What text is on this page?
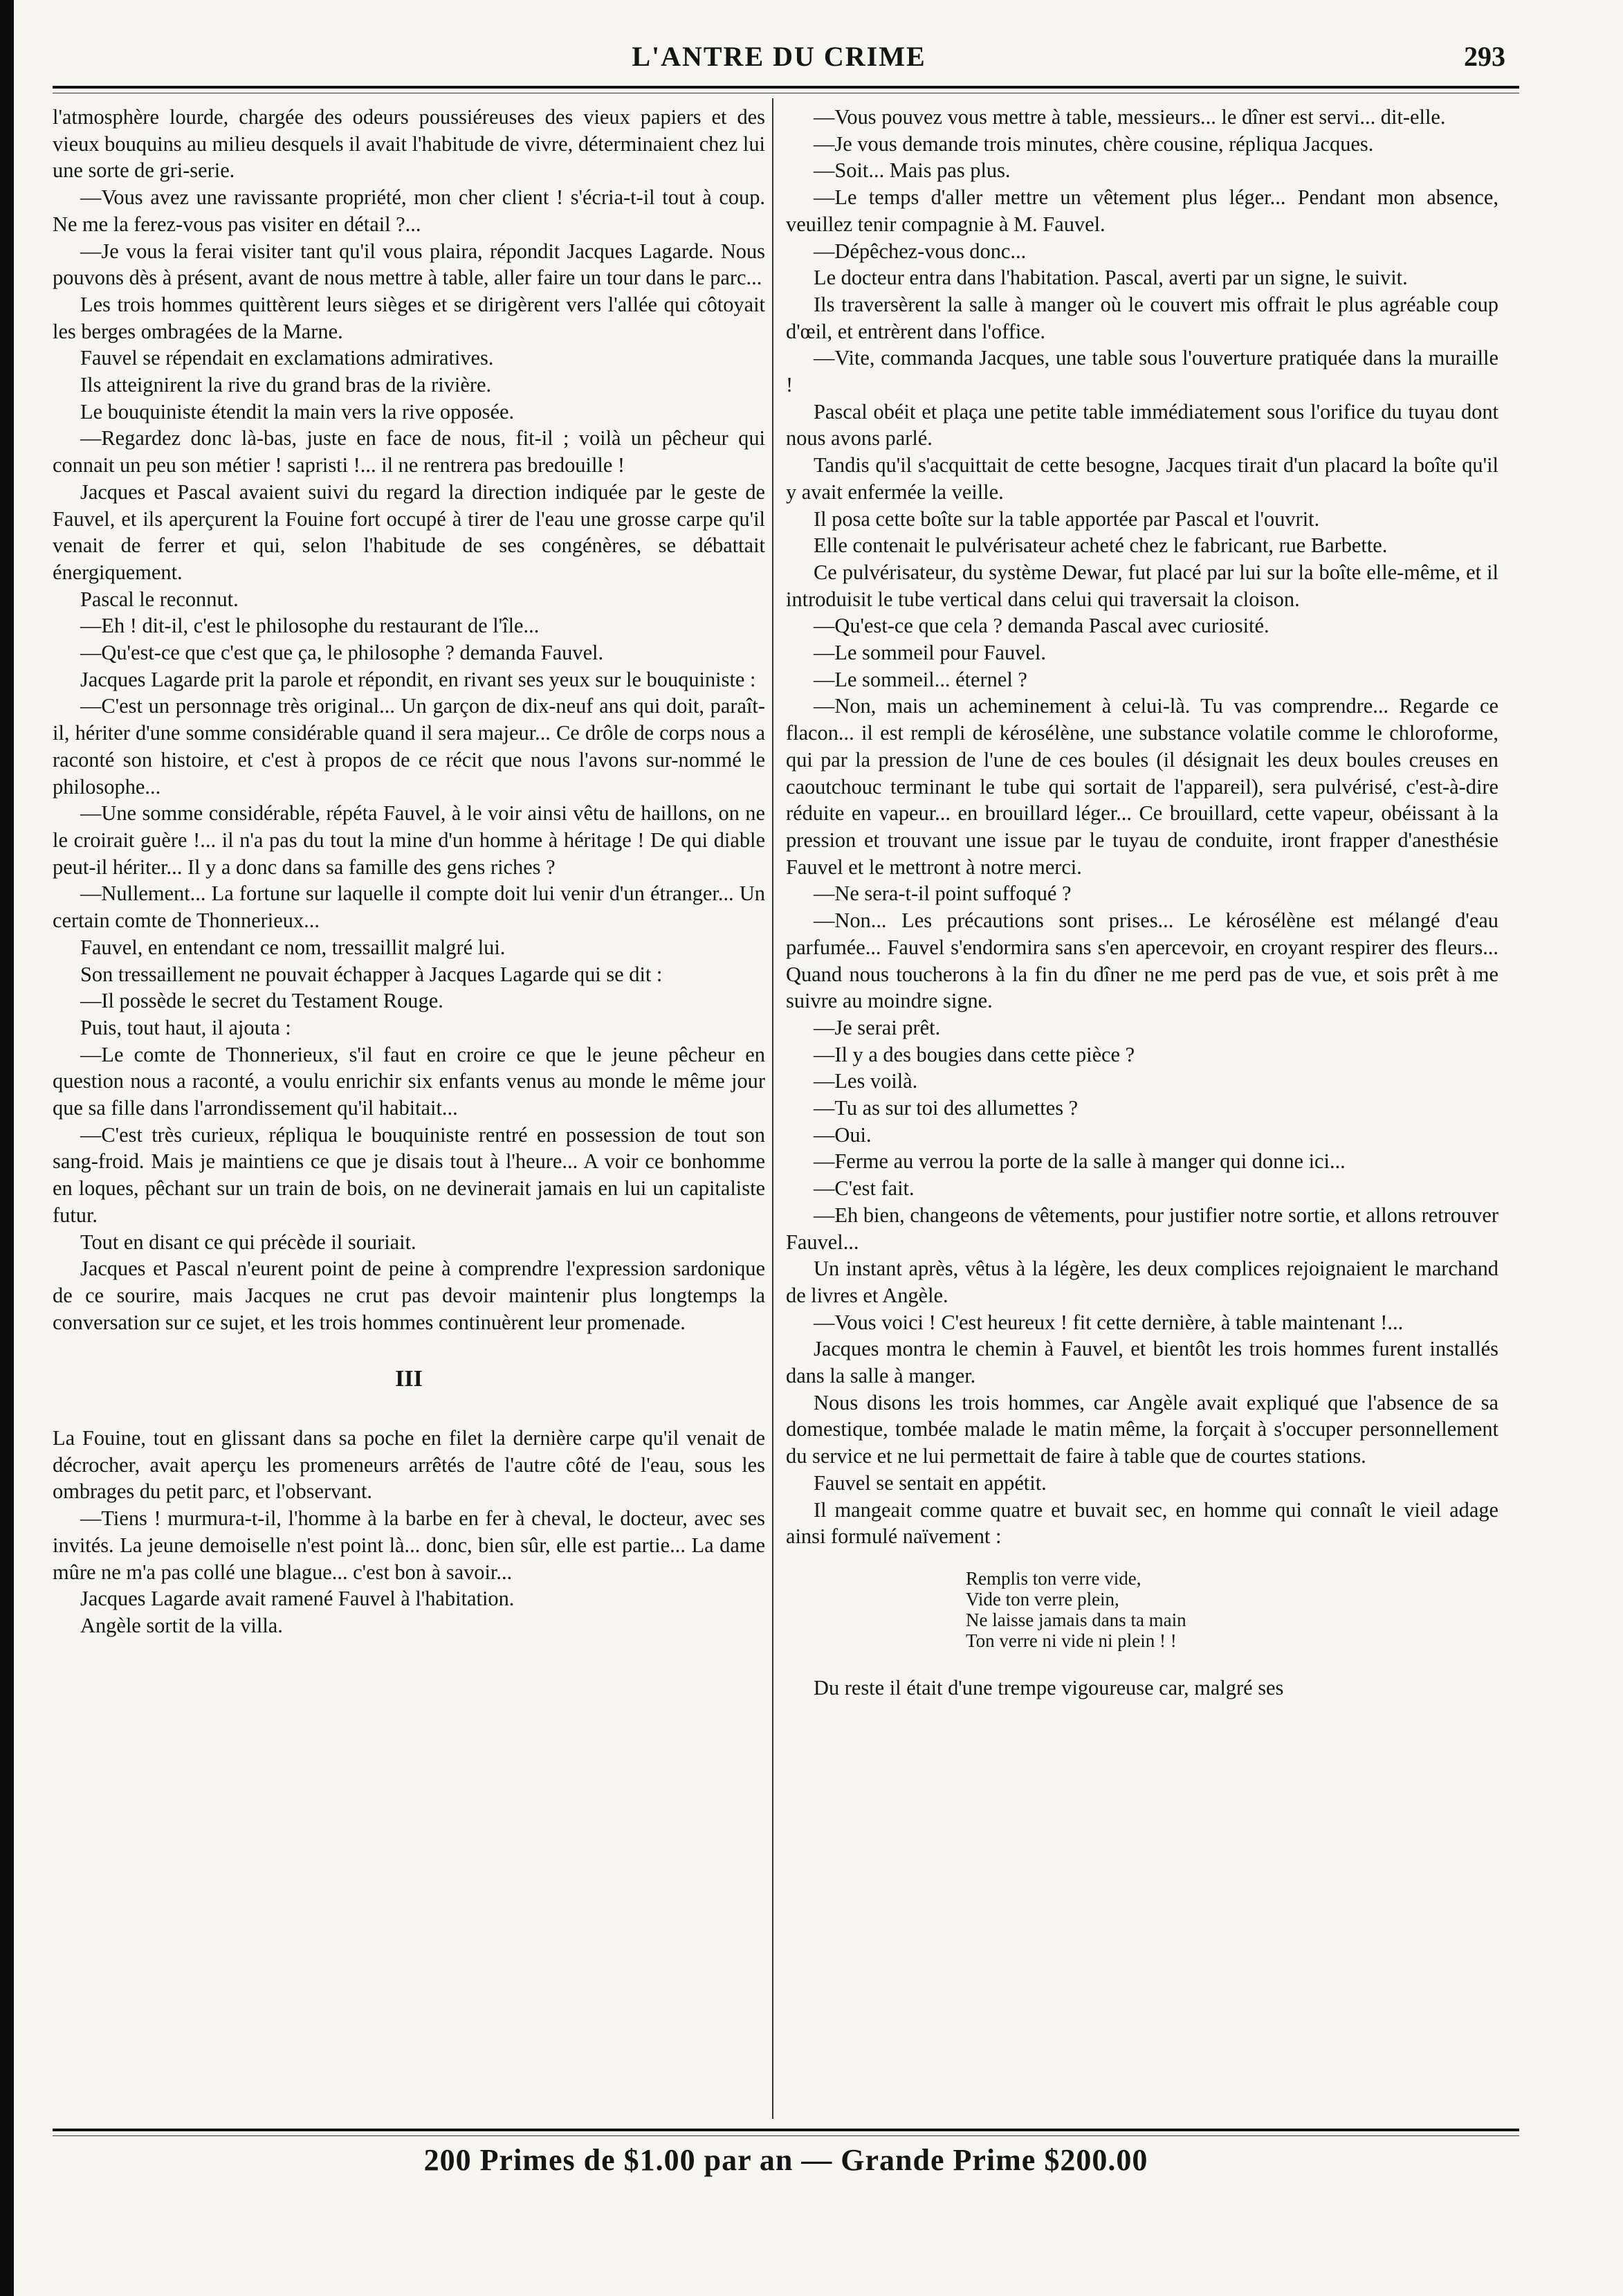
L'ANTRE DU CRIME	293

l'atmosphère lourde, chargée des odeurs poussiéreuses des vieux papiers et des vieux bouquins au milieu desquels il avait l'habitude de vivre, déterminaient chez lui une sorte de gri-serie.

—Vous avez une ravissante propriété, mon cher client ! s'écria-t-il tout à coup. Ne me la ferez-vous pas visiter en détail ?...

—Je vous la ferai visiter tant qu'il vous plaira, répondit Jacques Lagarde. Nous pouvons dès à présent, avant de nous mettre à table, aller faire un tour dans le parc...

Les trois hommes quittèrent leurs sièges et se dirigèrent vers l'allée qui côtoyait les berges ombragées de la Marne.

Fauvel se répendait en exclamations admiratives.

Ils atteignirent la rive du grand bras de la rivière.

Le bouquiniste étendit la main vers la rive opposée.

—Regardez donc là-bas, juste en face de nous, fit-il ; voilà un pêcheur qui connait un peu son métier ! sapristi !... il ne rentrera pas bredouille !

Jacques et Pascal avaient suivi du regard la direction indiquée par le geste de Fauvel, et ils aperçurent la Fouine fort occupé à tirer de l'eau une grosse carpe qu'il venait de ferrer et qui, selon l'habitude de ses congénères, se débattait énergiquement.

Pascal le reconnut.

—Eh ! dit-il, c'est le philosophe du restaurant de l'île...

—Qu'est-ce que c'est que ça, le philosophe ? demanda Fauvel.

Jacques Lagarde prit la parole et répondit, en rivant ses yeux sur le bouquiniste :

—C'est un personnage très original... Un garçon de dix-neuf ans qui doit, paraît-il, hériter d'une somme considérable quand il sera majeur... Ce drôle de corps nous a raconté son histoire, et c'est à propos de ce récit que nous l'avons sur-nommé le philosophe...

—Une somme considérable, répéta Fauvel, à le voir ainsi vêtu de haillons, on ne le croirait guère !... il n'a pas du tout la mine d'un homme à héritage ! De qui diable peut-il hériter... Il y a donc dans sa famille des gens riches ?

—Nullement... La fortune sur laquelle il compte doit lui venir d'un étranger... Un certain comte de Thonnerieux...

Fauvel, en entendant ce nom, tressaillit malgré lui.

Son tressaillement ne pouvait échapper à Jacques Lagarde qui se dit :

—Il possède le secret du Testament Rouge.

Puis, tout haut, il ajouta :

—Le comte de Thonnerieux, s'il faut en croire ce que le jeune pêcheur en question nous a raconté, a voulu enrichir six enfants venus au monde le même jour que sa fille dans l'arrondissement qu'il habitait...

—C'est très curieux, répliqua le bouquiniste rentré en possession de tout son sang-froid. Mais je maintiens ce que je disais tout à l'heure... A voir ce bonhomme en loques, pêchant sur un train de bois, on ne devinerait jamais en lui un capitaliste futur.

Tout en disant ce qui précède il souriait.

Jacques et Pascal n'eurent point de peine à comprendre l'expression sardonique de ce sourire, mais Jacques ne crut pas devoir maintenir plus longtemps la conversation sur ce sujet, et les trois hommes continuèrent leur promenade.

III

La Fouine, tout en glissant dans sa poche en filet la dernière carpe qu'il venait de décrocher, avait aperçu les promeneurs arrêtés de l'autre côté de l'eau, sous les ombrages du petit parc, et l'observant.

—Tiens ! murmura-t-il, l'homme à la barbe en fer à cheval, le docteur, avec ses invités. La jeune demoiselle n'est point là... donc, bien sûr, elle est partie... La dame mûre ne m'a pas collé une blague... c'est bon à savoir...

Jacques Lagarde avait ramené Fauvel à l'habitation.

Angèle sortit de la villa.

—Vous pouvez vous mettre à table, messieurs... le dîner est servi... dit-elle.

—Je vous demande trois minutes, chère cousine, répliqua Jacques.

—Soit... Mais pas plus.

—Le temps d'aller mettre un vêtement plus léger... Pendant mon absence, veuillez tenir compagnie à M. Fauvel.

—Dépêchez-vous donc...

Le docteur entra dans l'habitation. Pascal, averti par un signe, le suivit.

Ils traversèrent la salle à manger où le couvert mis offrait le plus agréable coup d'œil, et entrèrent dans l'office.

—Vite, commanda Jacques, une table sous l'ouverture pratiquée dans la muraille !

Pascal obéit et plaça une petite table immédiatement sous l'orifice du tuyau dont nous avons parlé.

Tandis qu'il s'acquittait de cette besogne, Jacques tirait d'un placard la boîte qu'il y avait enfermée la veille.

Il posa cette boîte sur la table apportée par Pascal et l'ouvrit.

Elle contenait le pulvérisateur acheté chez le fabricant, rue Barbette.

Ce pulvérisateur, du système Dewar, fut placé par lui sur la boîte elle-même, et il introduisit le tube vertical dans celui qui traversait la cloison.

—Qu'est-ce que cela ? demanda Pascal avec curiosité.

—Le sommeil pour Fauvel.

—Le sommeil... éternel ?

—Non, mais un acheminement à celui-là. Tu vas comprendre... Regarde ce flacon... il est rempli de kérosélène, une substance volatile comme le chloroforme, qui par la pression de l'une de ces boules (il désignait les deux boules creuses en caoutchouc terminant le tube qui sortait de l'appareil), sera pulvérisé, c'est-à-dire réduite en vapeur... en brouillard léger... Ce brouillard, cette vapeur, obéissant à la pression et trouvant une issue par le tuyau de conduite, iront frapper d'anesthésie Fauvel et le mettront à notre merci.

—Ne sera-t-il point suffoqué ?

—Non... Les précautions sont prises... Le kérosélène est mélangé d'eau parfumée... Fauvel s'endormira sans s'en apercevoir, en croyant respirer des fleurs... Quand nous toucherons à la fin du dîner ne me perd pas de vue, et sois prêt à me suivre au moindre signe.

—Je serai prêt.

—Il y a des bougies dans cette pièce ?

—Les voilà.

—Tu as sur toi des allumettes ?

—Oui.

—Ferme au verrou la porte de la salle à manger qui donne ici...

—C'est fait.

—Eh bien, changeons de vêtements, pour justifier notre sortie, et allons retrouver Fauvel...

Un instant après, vêtus à la légère, les deux complices rejoignaient le marchand de livres et Angèle.

—Vous voici ! C'est heureux ! fit cette dernière, à table maintenant !...

Jacques montra le chemin à Fauvel, et bientôt les trois hommes furent installés dans la salle à manger.

Nous disons les trois hommes, car Angèle avait expliqué que l'absence de sa domestique, tombée malade le matin même, la forçait à s'occuper personnellement du service et ne lui permettait de faire à table que de courtes stations.

Fauvel se sentait en appétit.

Il mangeait comme quatre et buvait sec, en homme qui connaît le vieil adage ainsi formulé naïvement :

Remplis ton verre vide,
Vide ton verre plein,
Ne laisse jamais dans ta main
Ton verre ni vide ni plein ! !

Du reste il était d'une trempe vigoureuse car, malgré ses

200 Primes de $1.00 par an — Grande Prime $200.00
